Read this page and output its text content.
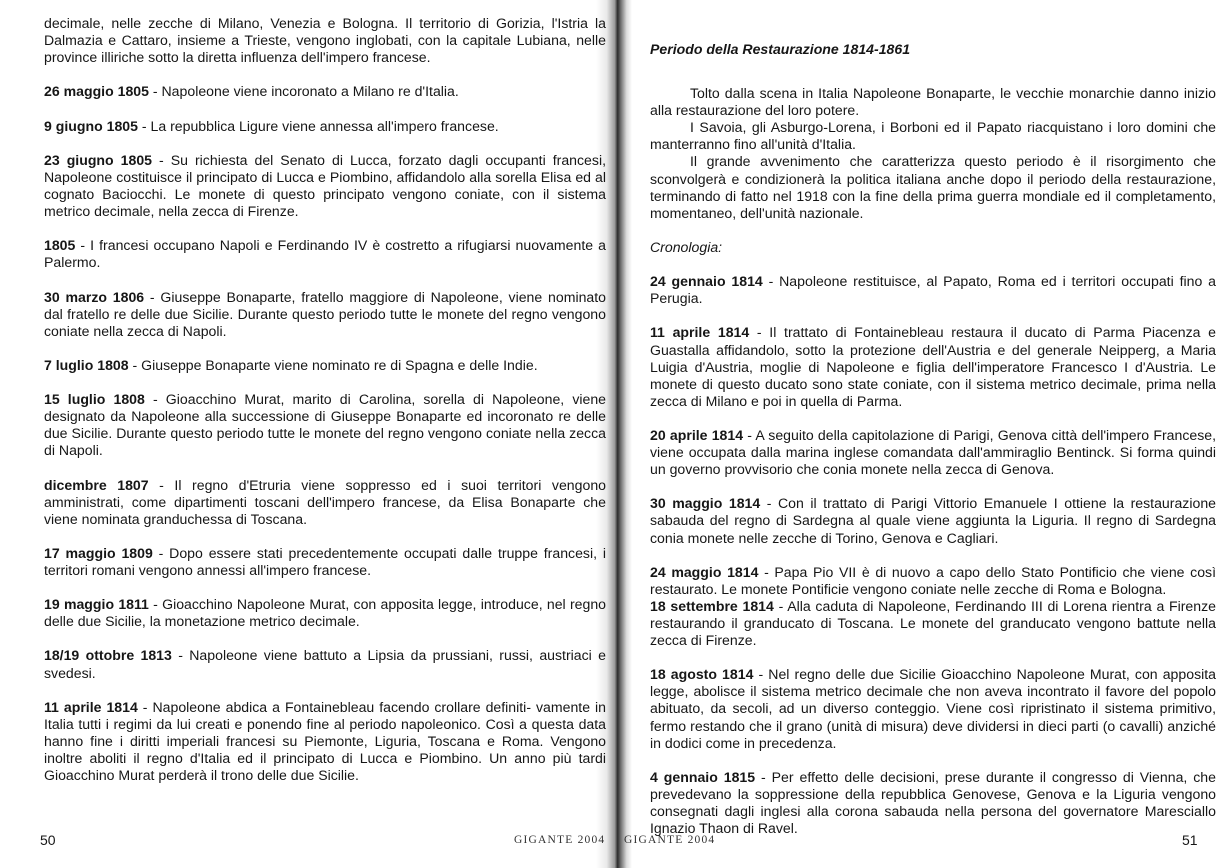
decimale, nelle zecche di Milano, Venezia e Bologna. Il territorio di Gorizia, l'Istria la Dalmazia e Cattaro, insieme a Trieste, vengono inglobati, con la capitale Lubiana, nelle province illiriche sotto la diretta influenza dell'impero francese.

26 maggio 1805 - Napoleone viene incoronato a Milano re d'Italia.

9 giugno 1805 - La repubblica Ligure viene annessa all'impero francese.

23 giugno 1805 - Su richiesta del Senato di Lucca, forzato dagli occupanti francesi, Napoleone costituisce il principato di Lucca e Piombino, affidandolo alla sorella Elisa ed al cognato Baciocchi. Le monete di questo principato vengono coniate, con il sistema metrico decimale, nella zecca di Firenze.

1805 - I francesi occupano Napoli e Ferdinando IV è costretto a rifugiarsi nuovamente a Palermo.

30 marzo 1806 - Giuseppe Bonaparte, fratello maggiore di Napoleone, viene nominato dal fratello re delle due Sicilie. Durante questo periodo tutte le monete del regno vengono coniate nella zecca di Napoli.

7 luglio 1808 - Giuseppe Bonaparte viene nominato re di Spagna e delle Indie.

15 luglio 1808 - Gioacchino Murat, marito di Carolina, sorella di Napoleone, viene designato da Napoleone alla successione di Giuseppe Bonaparte ed incoronato re delle due Sicilie. Durante questo periodo tutte le monete del regno vengono coniate nella zecca di Napoli.

dicembre 1807 - Il regno d'Etruria viene soppresso ed i suoi territori vengono amministrati, come dipartimenti toscani dell'impero francese, da Elisa Bonaparte che viene nominata granduchessa di Toscana.

17 maggio 1809 - Dopo essere stati precedentemente occupati dalle truppe francesi, i territori romani vengono annessi all'impero francese.

19 maggio 1811 - Gioacchino Napoleone Murat, con apposita legge, introduce, nel regno delle due Sicilie, la monetazione metrico decimale.

18/19 ottobre 1813 - Napoleone viene battuto a Lipsia da prussiani, russi, austriaci e svedesi.

11 aprile 1814 - Napoleone abdica a Fontainebleau facendo crollare definiti- vamente in Italia tutti i regimi da lui creati e ponendo fine al periodo napoleonico. Così a questa data hanno fine i diritti imperiali francesi su Piemonte, Liguria, Toscana e Roma. Vengono inoltre aboliti il regno d'Italia ed il principato di Lucca e Piombino. Un anno più tardi Gioacchino Murat perderà il trono delle due Sicilie.

50	GIGANTE 2004

Periodo della Restaurazione 1814-1861

Tolto dalla scena in Italia Napoleone Bonaparte, le vecchie monarchie danno inizio alla restaurazione del loro potere.

I Savoia, gli Asburgo-Lorena, i Borboni ed il Papato riacquistano i loro domini che manterranno fino all'unità d'Italia.

Il grande avvenimento che caratterizza questo periodo è il risorgimento che sconvolgerà e condizionerà la politica italiana anche dopo il periodo della restaurazione, terminando di fatto nel 1918 con la fine della prima guerra mondiale ed il completamento, momentaneo, dell'unità nazionale.

Cronologia:

24 gennaio 1814 - Napoleone restituisce, al Papato, Roma ed i territori occupati fino a Perugia.

11 aprile 1814 - Il trattato di Fontainebleau restaura il ducato di Parma Piacenza e Guastalla affidandolo, sotto la protezione dell'Austria e del generale Neipperg, a Maria Luigia d'Austria, moglie di Napoleone e figlia dell'imperatore Francesco I d'Austria. Le monete di questo ducato sono state coniate, con il sistema metrico decimale, prima nella zecca di Milano e poi in quella di Parma.

20 aprile 1814 - A seguito della capitolazione di Parigi, Genova città dell'impero Francese, viene occupata dalla marina inglese comandata dall'ammiraglio Bentinck. Si forma quindi un governo provvisorio che conia monete nella zecca di Genova.

30 maggio 1814 - Con il trattato di Parigi Vittorio Emanuele I ottiene la restaurazione sabauda del regno di Sardegna al quale viene aggiunta la Liguria. Il regno di Sardegna conia monete nelle zecche di Torino, Genova e Cagliari.

24 maggio 1814 - Papa Pio VII è di nuovo a capo dello Stato Pontificio che viene così restaurato. Le monete Pontificie vengono coniate nelle zecche di Roma e Bologna.

18 settembre 1814 - Alla caduta di Napoleone, Ferdinando III di Lorena rientra a Firenze restaurando il granducato di Toscana. Le monete del granducato vengono battute nella zecca di Firenze.

18 agosto 1814 - Nel regno delle due Sicilie Gioacchino Napoleone Murat, con apposita legge, abolisce il sistema metrico decimale che non aveva incontrato il favore del popolo abituato, da secoli, ad un diverso conteggio. Viene così ripristinato il sistema primitivo, fermo restando che il grano (unità di misura) deve dividersi in dieci parti (o cavalli) anziché in dodici come in precedenza.

4 gennaio 1815 - Per effetto delle decisioni, prese durante il congresso di Vienna, che prevedevano la soppressione della repubblica Genovese, Genova e la Liguria vengono consegnati dagli inglesi alla corona sabauda nella persona del governatore Maresciallo Ignazio Thaon di Ravel.

GIGANTE 2004	51
